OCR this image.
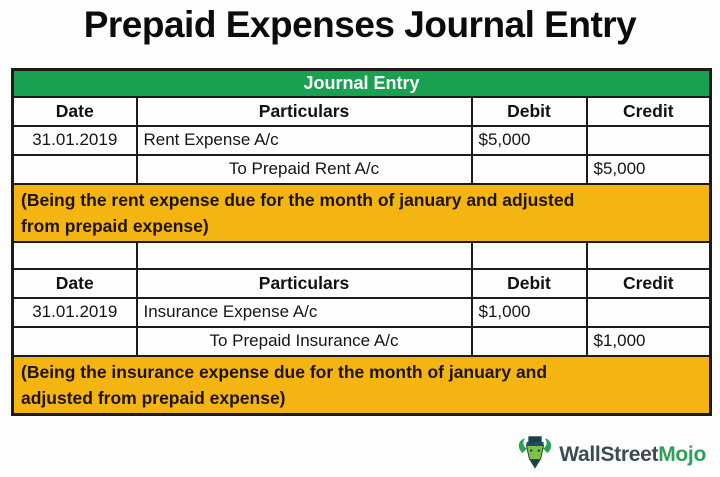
Prepaid Expenses Journal Entry
Journal Entry			
Date	Particulars	Debit	Credit
31.01.2019	Rent Expense A/c	$5,000	
	To Prepaid Rent A/c		$5,000

(Being the rent expense due for the month of january and adjusted
from prepaid expense)			

Date	Particulars	Debit	Credit
31.01.2019	Insurance Expense A/c	$1,000	
	To Prepaid Insurance A/c		$1,000

(Being the insurance expense due for the month of january and
adjusted from prepaid expense)			
WallStreetMojo
